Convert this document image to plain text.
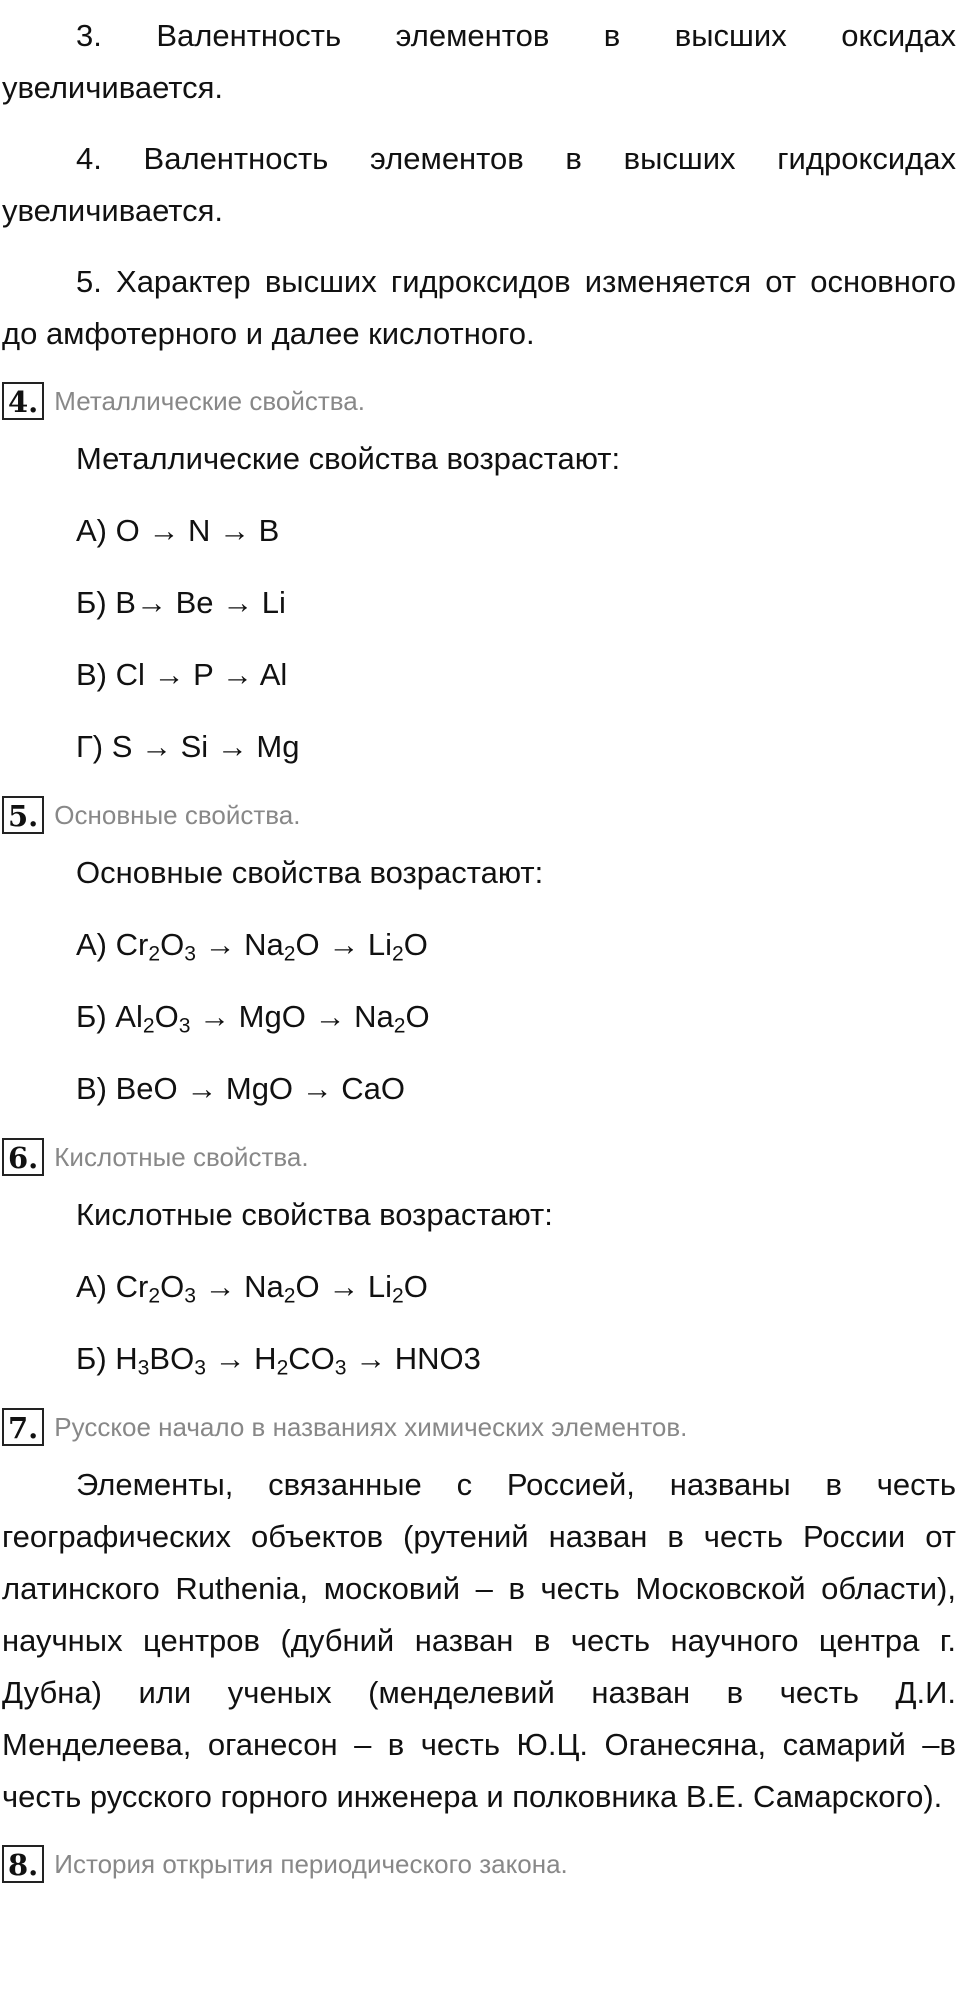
3. Валентность элементов в высших оксидах увеличивается.

4. Валентность элементов в высших гидроксидах увеличивается.

5. Характер высших гидроксидов изменяется от основного до амфотерного и далее кислотного.

4. Металлические свойства.
Металлические свойства возрастают:
А) O → N → B
Б) B→ Be → Li
В) Cl → P → Al
Г) S → Si → Mg
5. Основные свойства.
Основные свойства возрастают:
А) $Cr_2O_3 \to Na_2O \to Li_2O$
Б) $Al_2O_3$ → MgO → $Na_2O$
В) BeO → MgO → CaO
6. Кислотные свойства.
Кислотные свойства возрастают:
А) $Cr_2O_3 \to Na_2O \to Li_2O$
Б) $H_3BO_3 \to H_2CO_3 \to HNO3$
7. Русское начало в названиях химических элементов.

Элементы, связанные с Россией, названы в честь географических объектов (рутений назван в честь России от латинского Ruthenia, московий – в честь Московской области), научных центров (дубний назван в честь научного центра г. Дубна) или ученых (менделевий назван в честь Д.И. Менделеева, оганесон – в честь Ю.Ц. Оганесяна, самарий –в честь русского горного инженера и полковника В.Е. Самарского).

8. История открытия периодического закона.
